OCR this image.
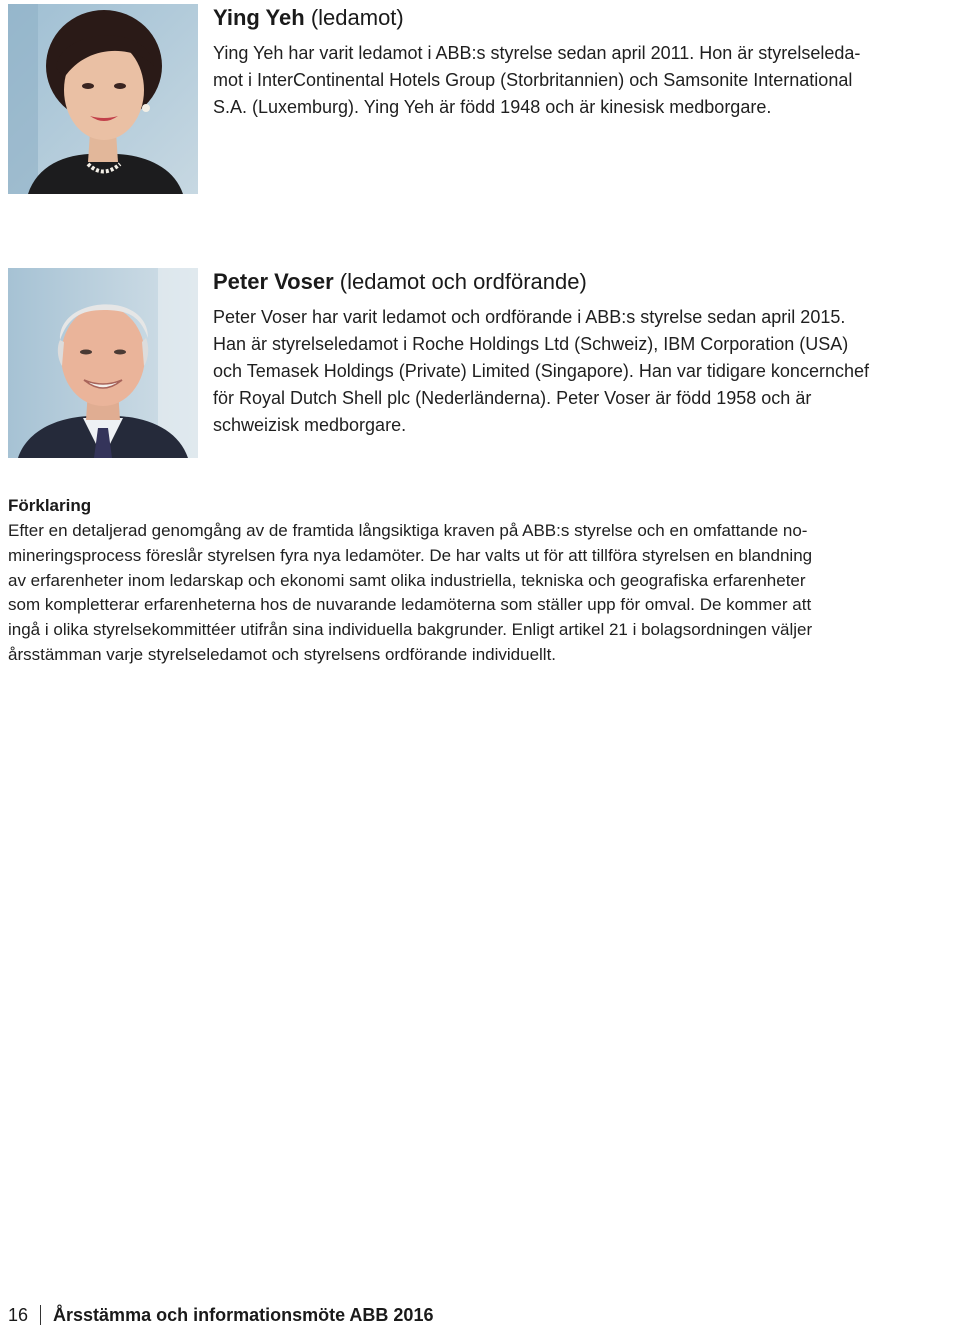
Ying Yeh (ledamot)

Ying Yeh har varit ledamot i ABB:s styrelse sedan april 2011. Hon är styrelseleda-
mot i InterContinental Hotels Group (Storbritannien) och Samsonite International
S.A. (Luxemburg). Ying Yeh är född 1948 och är kinesisk medborgare.

Peter Voser (ledamot och ordförande)

Peter Voser har varit ledamot och ordförande i ABB:s styrelse sedan april 2015.
Han är styrelseledamot i Roche Holdings Ltd (Schweiz), IBM Corporation (USA)
och Temasek Holdings (Private) Limited (Singapore). Han var tidigare koncernchef
för Royal Dutch Shell plc (Nederländerna). Peter Voser är född 1958 och är
schweizisk medborgare.

Förklaring

Efter en detaljerad genomgång av de framtida långsiktiga kraven på ABB:s styrelse och en omfattande no-
mineringsprocess föreslår styrelsen fyra nya ledamöter. De har valts ut för att tillföra styrelsen en blandning
av erfarenheter inom ledarskap och ekonomi samt olika industriella, tekniska och geografiska erfarenheter
som kompletterar erfarenheterna hos de nuvarande ledamöterna som ställer upp för omval. De kommer att
ingå i olika styrelsekommittéer utifrån sina individuella bakgrunder. Enligt artikel 21 i bolagsordningen väljer
årsstämman varje styrelseledamot och styrelsens ordförande individuellt.

16 Årsstämma och informationsmöte ABB 2016
